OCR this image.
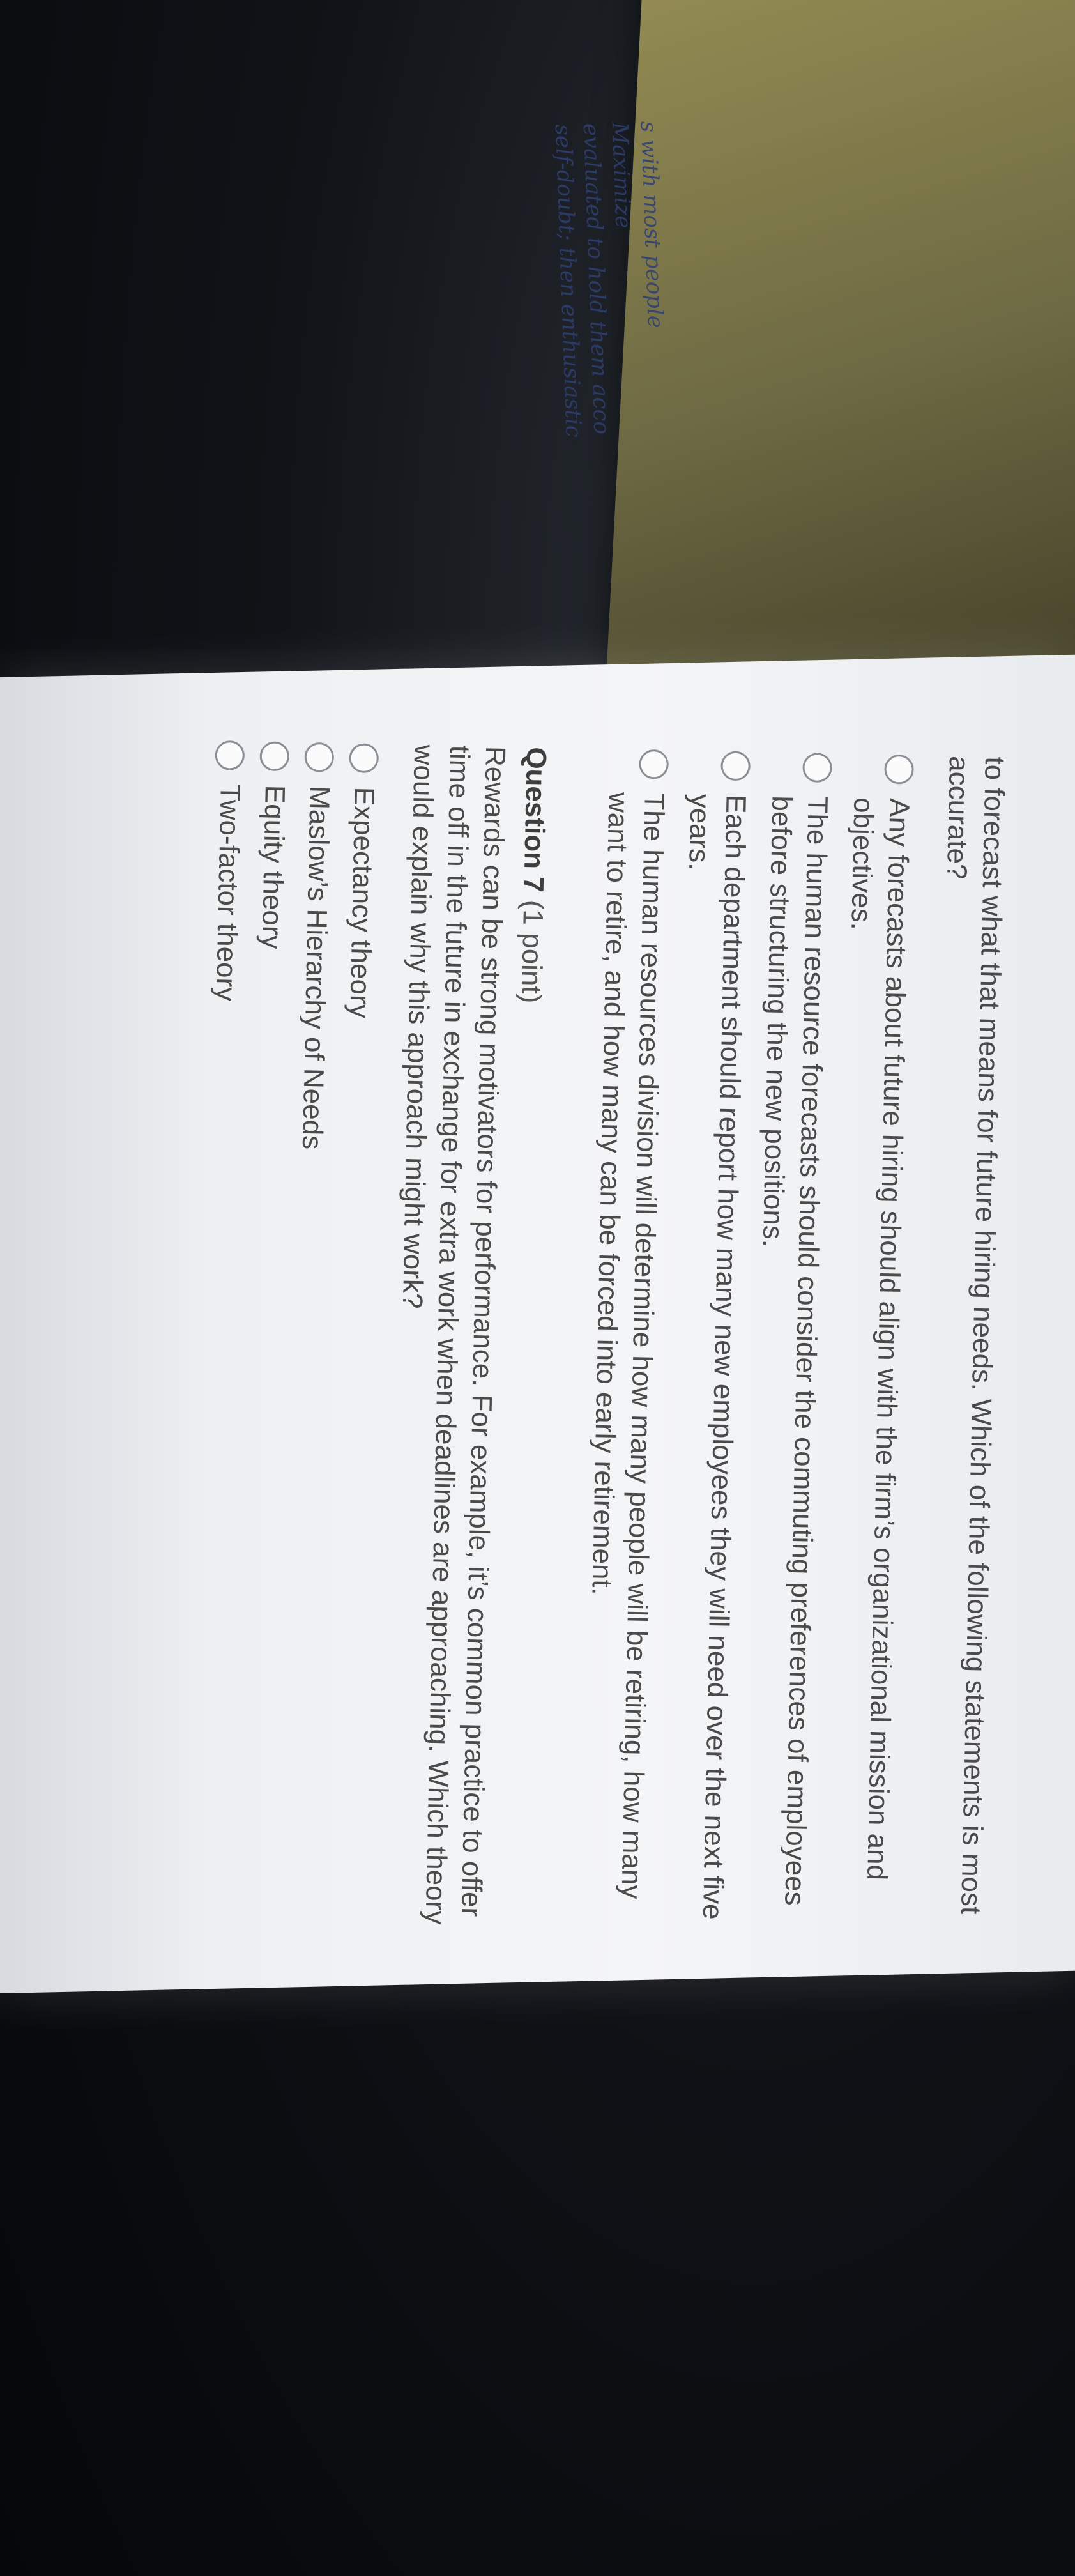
s with most people
Maximize
evaluated to hold them acco
self-doubt; then enthusiastic

to forecast what that means for future hiring needs. Which of the following statements is most accurate?

Any forecasts about future hiring should align with the firm’s organizational mission and objectives.
The human resource forecasts should consider the commuting preferences of employees before structuring the new positions.
Each department should report how many new employees they will need over the next five years.
The human resources division will determine how many people will be retiring, how many want to retire, and how many can be forced into early retirement.
Question 7 (1 point)

Rewards can be strong motivators for performance. For example, it’s common practice to offer time off in the future in exchange for extra work when deadlines are approaching. Which theory would explain why this approach might work?

Expectancy theory
Maslow’s Hierarchy of Needs
Equity theory
Two-factor theory
